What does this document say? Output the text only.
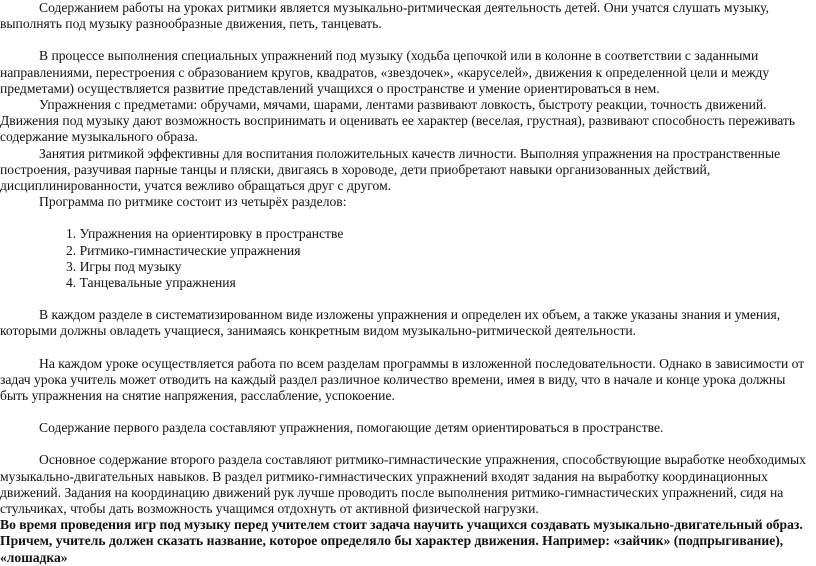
Содержанием работы на уроках ритмики является музыкально-ритмическая деятельность детей. Они учатся слушать музыку, выполнять под музыку разнообразные движения, петь, танцевать.

В процессе выполнения специальных упражнений под музыку (ходьба цепочкой или в колонне в соответствии с заданными направлениями, перестроения с образованием кругов, квадратов, «звездочек», «каруселей», движения к определенной цели и между предметами) осуществляется развитие представлений учащихся о пространстве и умение ориентироваться в нем.

Упражнения с предметами: обручами, мячами, шарами, лентами развивают ловкость, быстроту реакции, точность движений. Движения под музыку дают возможность воспринимать и оценивать ее характер (веселая, грустная), развивают способность переживать содержание музыкального образа.

Занятия ритмикой эффективны для воспитания положительных качеств личности. Выполняя упражнения на пространственные построения, разучивая парные танцы и пляски, двигаясь в хороводе, дети приобретают навыки организованных действий, дисциплинированности, учатся вежливо обращаться друг с другом.

Программа по ритмике состоит из четырёх разделов:

1. Упражнения на ориентировку в пространстве
2. Ритмико-гимнастические упражнения
3. Игры под музыку
4. Танцевальные упражнения

В каждом разделе в систематизированном виде изложены упражнения и определен их объем, а также указаны знания и умения, которыми должны овладеть учащиеся, занимаясь конкретным видом музыкально-ритмической деятельности.

На каждом уроке осуществляется работа по всем разделам программы в изложенной последовательности. Однако в зависимости от задач урока учитель может отводить на каждый раздел различное количество времени, имея в виду, что в начале и конце урока должны быть упражнения на снятие напряжения, расслабление, успокоение.

Содержание первого раздела составляют упражнения, помогающие детям ориентироваться в пространстве.

Основное содержание второго раздела составляют ритмико-гимнастические упражнения, способствующие выработке необходимых музыкально-двигательных навыков. В раздел ритмико-гимнастических упражнений входят задания на выработку координационных движений. Задания на координацию движений рук лучше проводить после выполнения ритмико-гимнастических упражнений, сидя на стульчиках, чтобы дать возможность учащимся отдохнуть от активной физической нагрузки.

Во время проведения игр под музыку перед учителем стоит задача научить учащихся создавать музыкально-двигательный образ. Причем, учитель должен сказать название, которое определяло бы характер движения. Например: «зайчик» (подпрыгивание), «лошадка»
